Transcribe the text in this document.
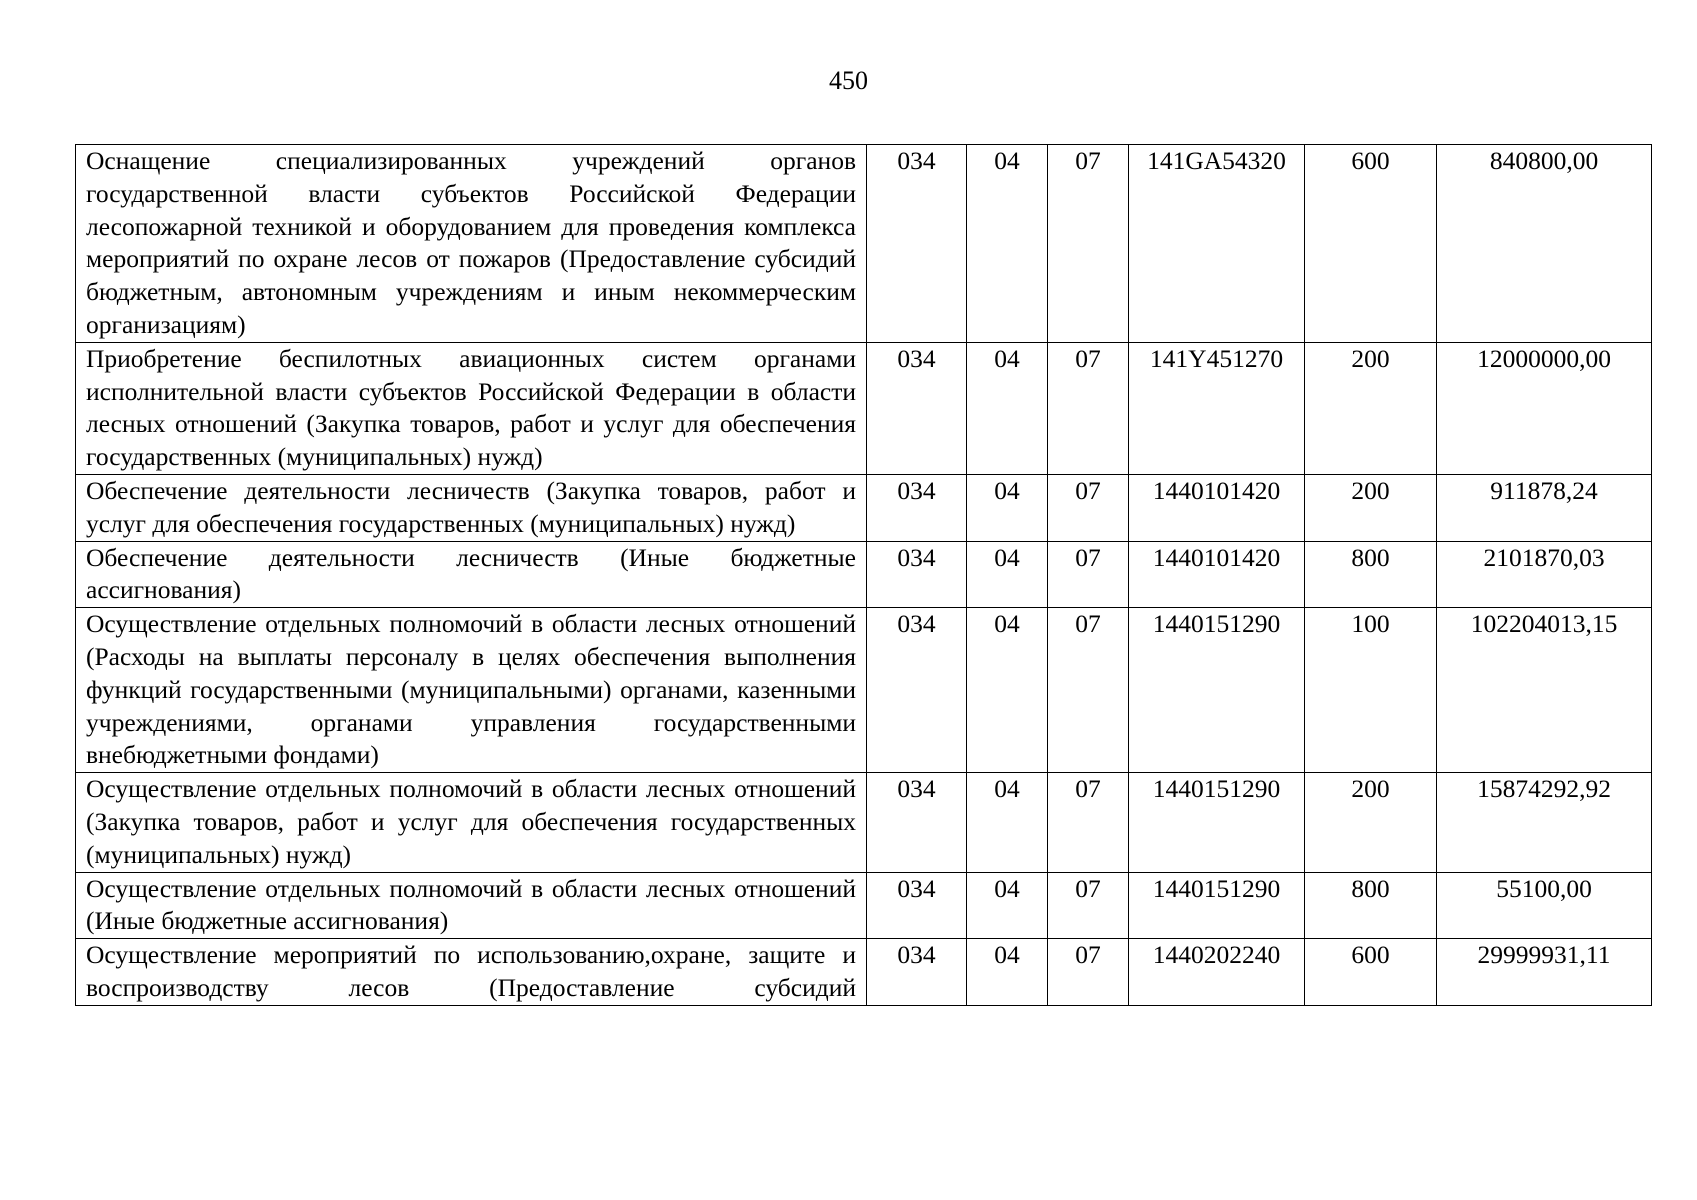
450
Оснащение специализированных учреждений органов государственной власти субъектов Российской Федерации лесопожарной техникой и оборудованием для проведения комплекса мероприятий по охране лесов от пожаров (Предоставление субсидий бюджетным, автономным учреждениям и иным некоммерческим организациям)	034	04	07	141GA54320	600	840800,00
Приобретение беспилотных авиационных систем органами исполнительной власти субъектов Российской Федерации в области лесных отношений (Закупка товаров, работ и услуг для обеспечения государственных (муниципальных) нужд)	034	04	07	141Y451270	200	12000000,00
Обеспечение деятельности лесничеств (Закупка товаров, работ и услуг для обеспечения государственных (муниципальных) нужд)	034	04	07	1440101420	200	911878,24
Обеспечение деятельности лесничеств (Иные бюджетные ассигнования)	034	04	07	1440101420	800	2101870,03
Осуществление отдельных полномочий в области лесных отношений (Расходы на выплаты персоналу в целях обеспечения выполнения функций государственными (муниципальными) органами, казенными учреждениями, органами управления государственными внебюджетными фондами)	034	04	07	1440151290	100	102204013,15
Осуществление отдельных полномочий в области лесных отношений (Закупка товаров, работ и услуг для обеспечения государственных (муниципальных) нужд)	034	04	07	1440151290	200	15874292,92
Осуществление отдельных полномочий в области лесных отношений (Иные бюджетные ассигнования)	034	04	07	1440151290	800	55100,00
Осуществление мероприятий по использованию,охране, защите и воспроизводству лесов (Предоставление субсидий	034	04	07	1440202240	600	29999931,11
